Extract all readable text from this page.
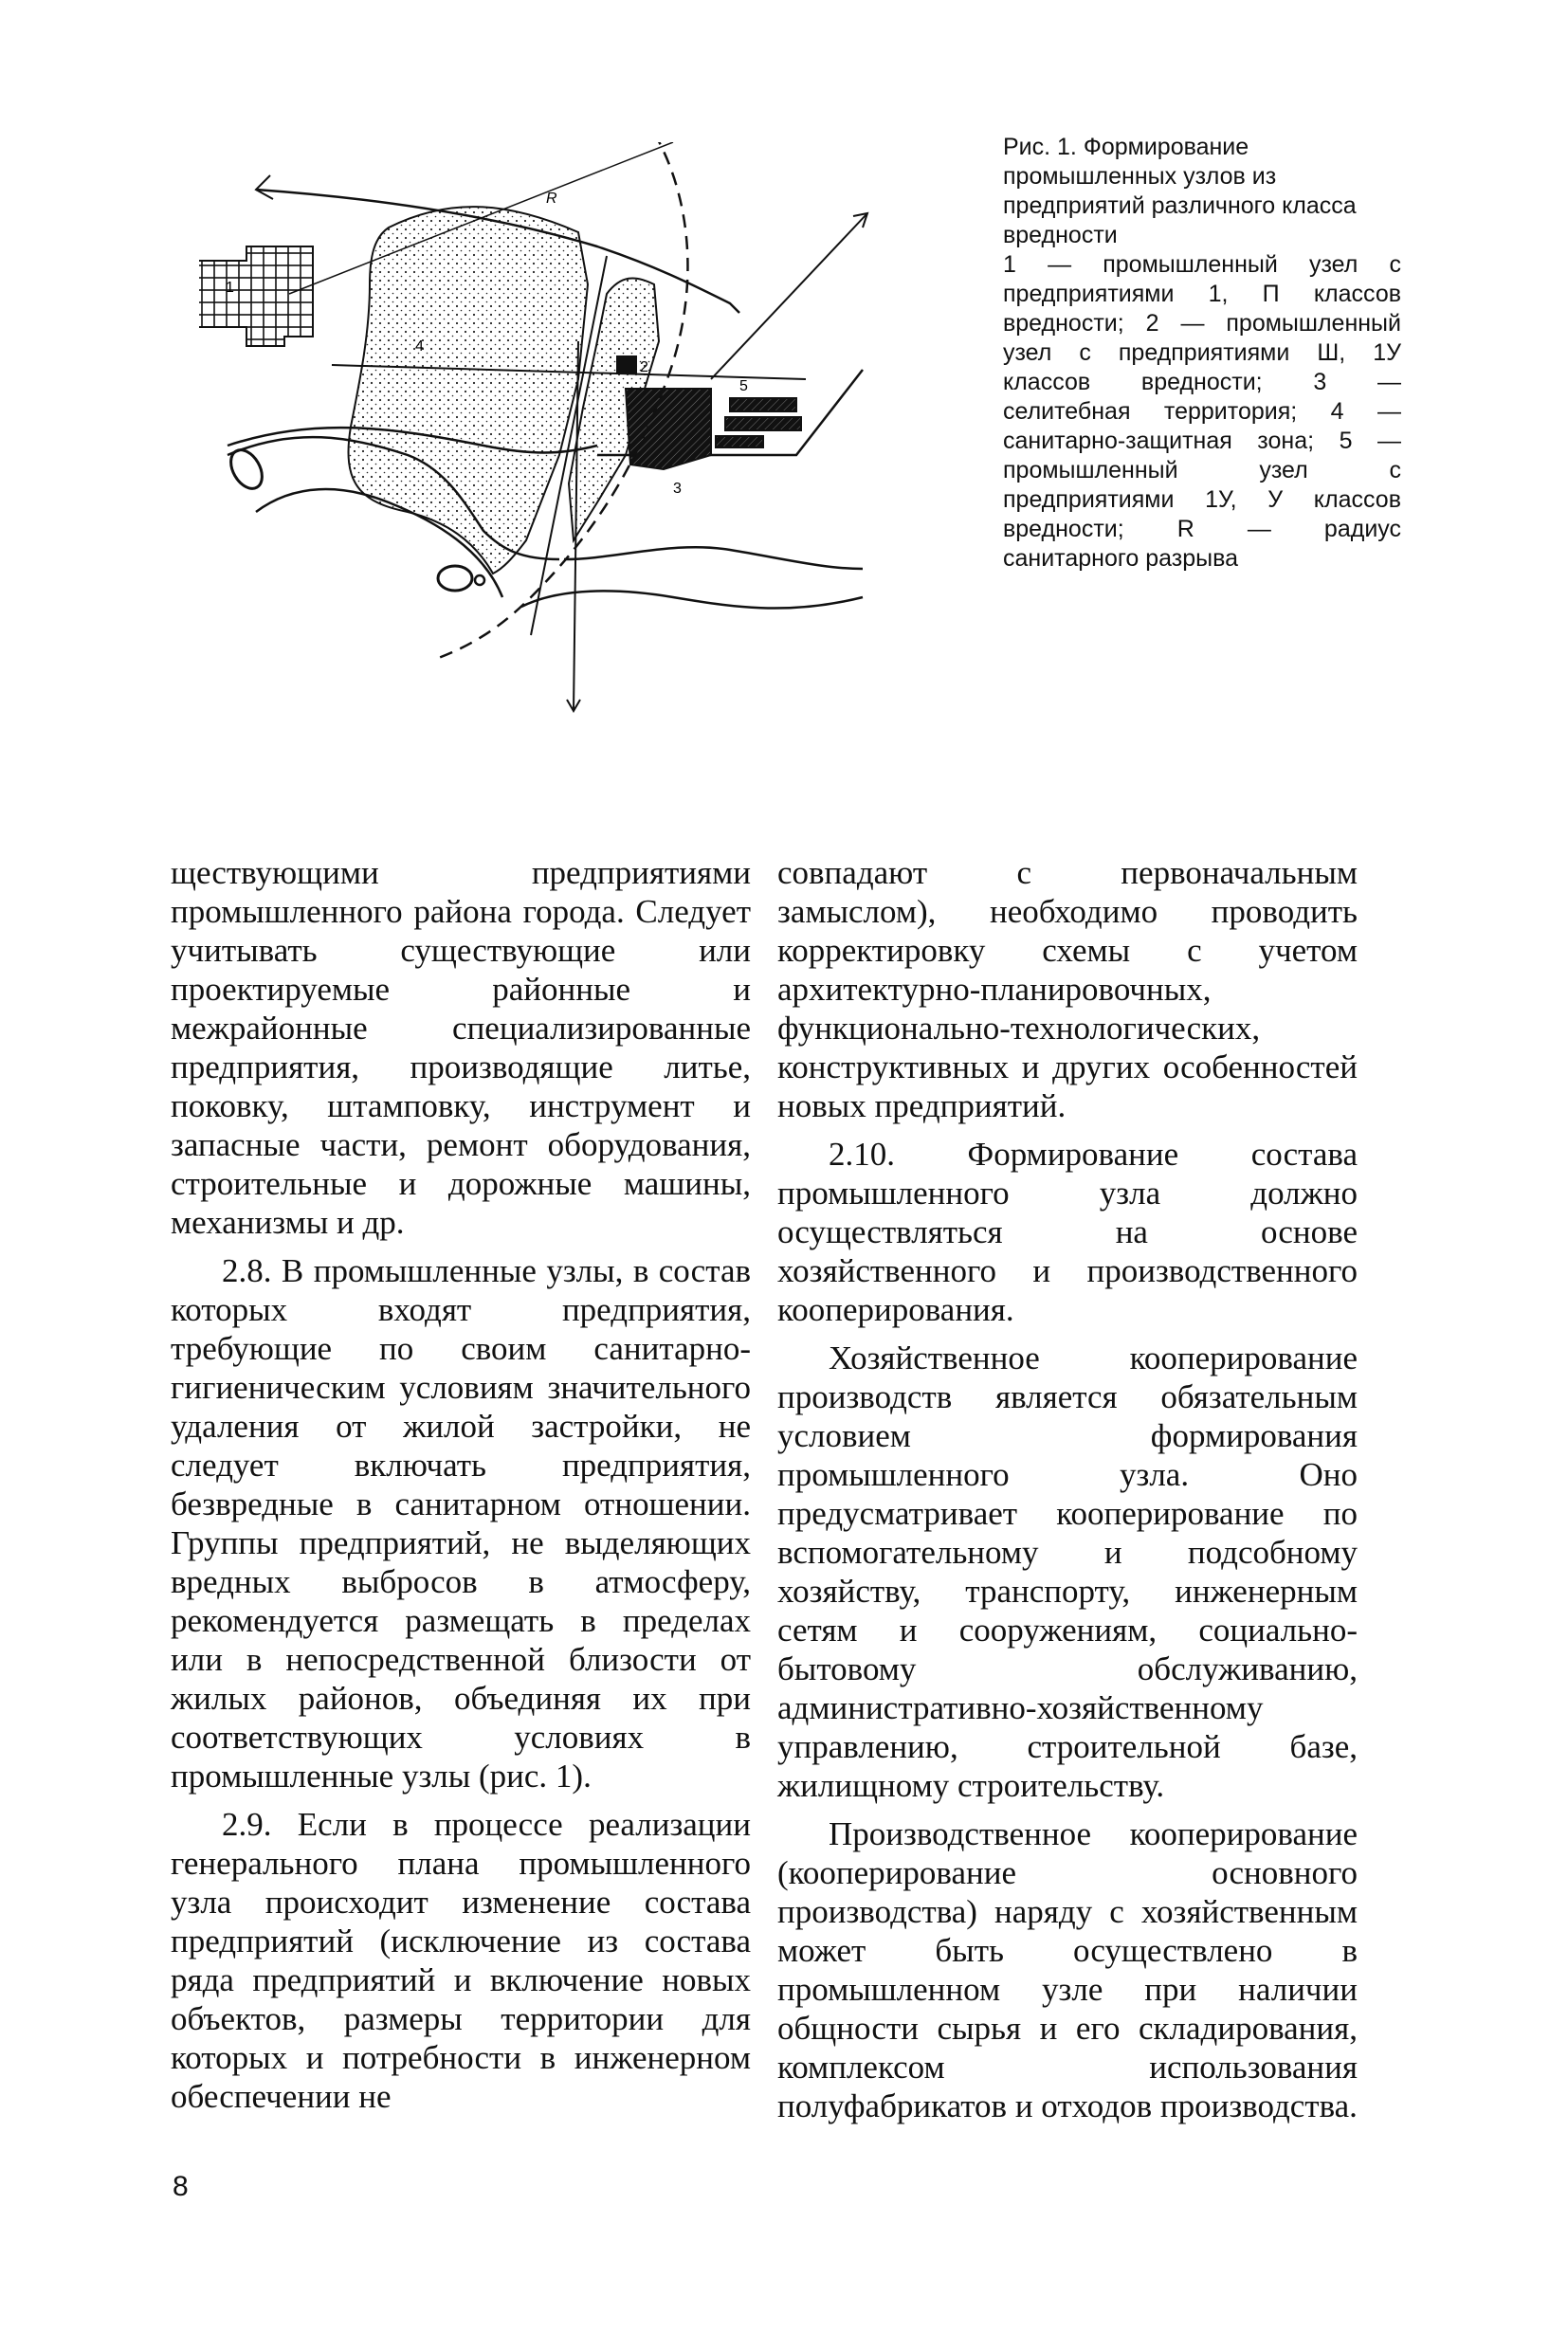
1
2
3
4
5
R
Рис. 1. Формирование промышленных узлов из предприятий различного класса вредности
1 — промышленный узел с предприятиями 1, П классов вредности; 2 — промышленный узел с предприятиями Ш, 1У классов вредности; 3 — селитебная территория; 4 — санитарно-защитная зона; 5 — промышленный узел с предприятиями 1У, У классов вредности; R — радиус санитарного разрыва

ществующими предприятиями промышленного района города. Следует учитывать существующие или проектируемые районные и межрайонные специализированные предприятия, производящие литье, поковку, штамповку, инструмент и запасные части, ремонт оборудования, строительные и дорожные машины, механизмы и др.

2.8. В промышленные узлы, в состав которых входят предприятия, требующие по своим санитарно-гигиеническим условиям значительного удаления от жилой застройки, не следует включать предприятия, безвредные в санитарном отношении. Группы предприятий, не выделяющих вредных выбросов в атмосферу, рекомендуется размещать в пределах или в непосредственной близости от жилых районов, объединяя их при соответствующих условиях в промышленные узлы (рис. 1).

2.9. Если в процессе реализации генерального плана промышленного узла происходит изменение состава предприятий (исключение из состава ряда предприятий и включение новых объектов, размеры территории для которых и потребности в инженерном обеспечении не

совпадают с первоначальным замыслом), необходимо проводить корректировку схемы с учетом архитектурно-планировочных, функционально-технологических, конструктивных и других особенностей новых предприятий.

2.10. Формирование состава промышленного узла должно осуществляться на основе хозяйственного и производственного кооперирования.

Хозяйственное кооперирование производств является обязательным условием формирования промышленного узла. Оно предусматривает кооперирование по вспомогательному и подсобному хозяйству, транспорту, инженерным сетям и сооружениям, социально-бытовому обслуживанию, административно-хозяйственному управлению, строительной базе, жилищному строительству.

Производственное кооперирование (кооперирование основного производства) наряду с хозяйственным может быть осуществлено в промышленном узле при наличии общности сырья и его складирования, комплексом использования полуфабрикатов и отходов производства.

8
